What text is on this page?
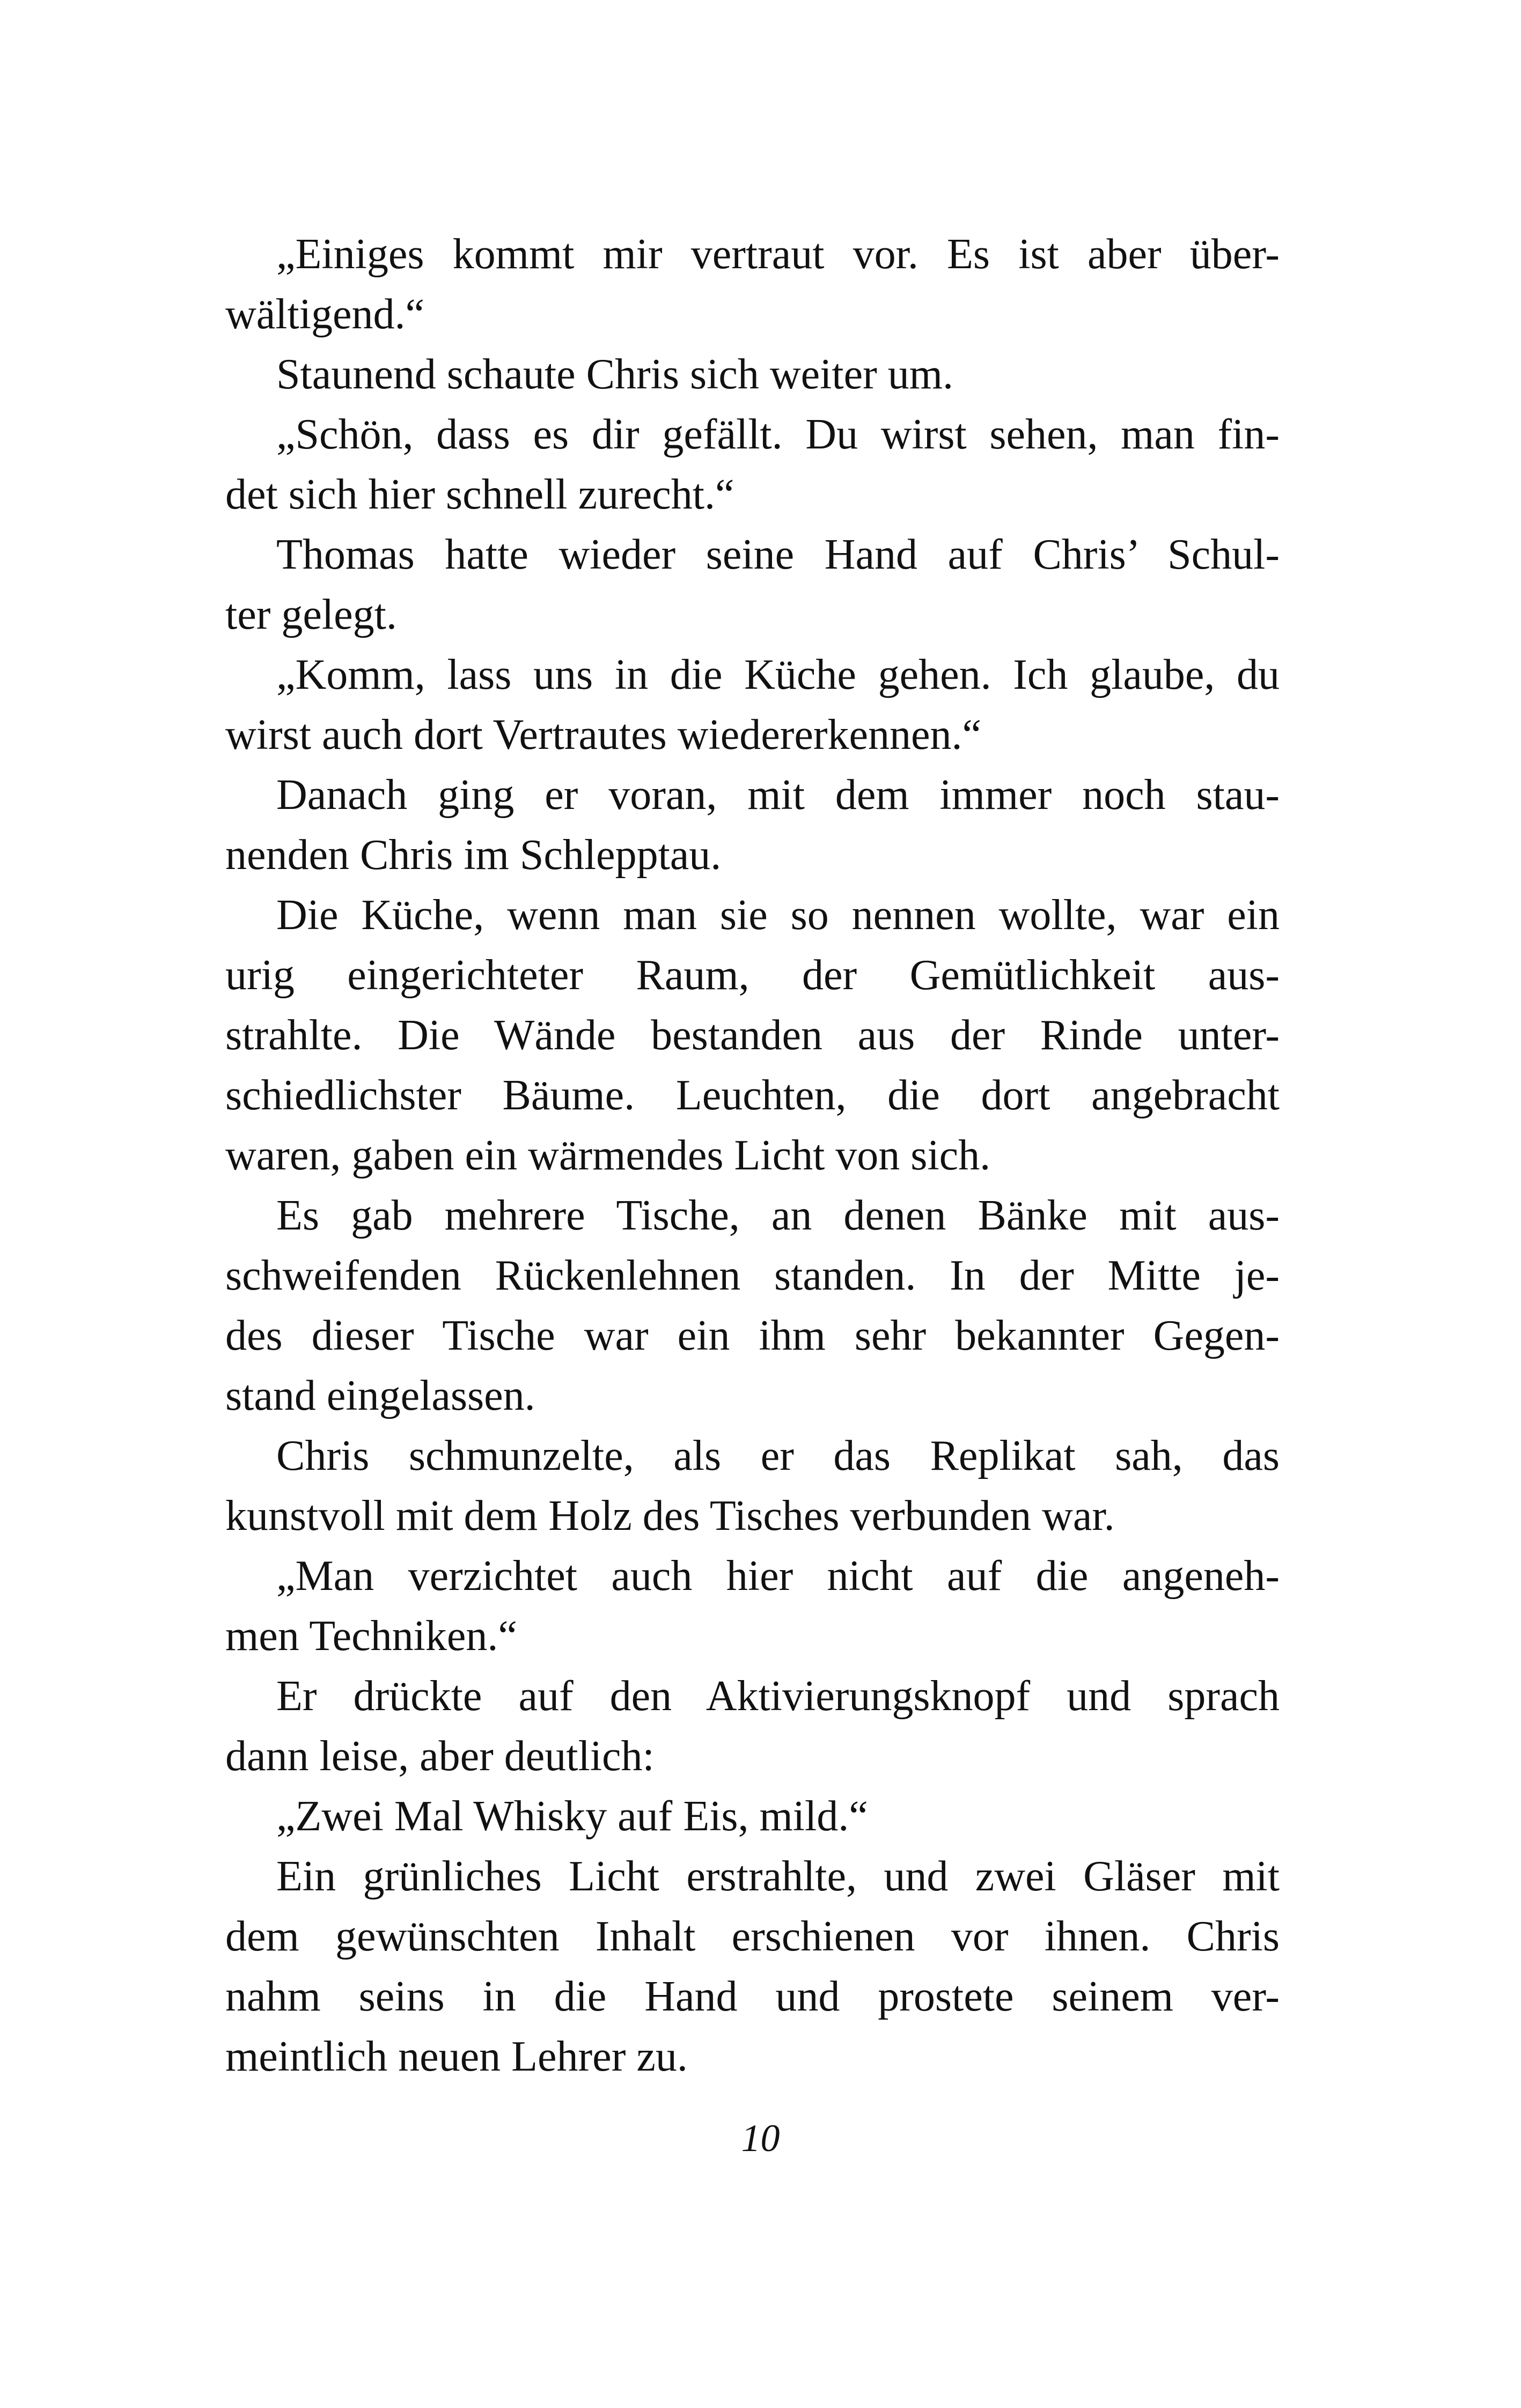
„Einiges kommt mir vertraut vor. Es ist aber über-
wältigend.“
Staunend schaute Chris sich weiter um.
„Schön, dass es dir gefällt. Du wirst sehen, man fin-
det sich hier schnell zurecht.“
Thomas hatte wieder seine Hand auf Chris’ Schul-
ter gelegt.
„Komm, lass uns in die Küche gehen. Ich glaube, du
wirst auch dort Vertrautes wiedererkennen.“
Danach ging er voran, mit dem immer noch stau-
nenden Chris im Schlepptau.
Die Küche, wenn man sie so nennen wollte, war ein
urig eingerichteter Raum, der Gemütlichkeit aus-
strahlte. Die Wände bestanden aus der Rinde unter-
schiedlichster Bäume. Leuchten, die dort angebracht
waren, gaben ein wärmendes Licht von sich.
Es gab mehrere Tische, an denen Bänke mit aus-
schweifenden Rückenlehnen standen. In der Mitte je-
des dieser Tische war ein ihm sehr bekannter Gegen-
stand eingelassen.
Chris schmunzelte, als er das Replikat sah, das
kunstvoll mit dem Holz des Tisches verbunden war.
„Man verzichtet auch hier nicht auf die angeneh-
men Techniken.“
Er drückte auf den Aktivierungsknopf und sprach
dann leise, aber deutlich:
„Zwei Mal Whisky auf Eis, mild.“
Ein grünliches Licht erstrahlte, und zwei Gläser mit
dem gewünschten Inhalt erschienen vor ihnen. Chris
nahm seins in die Hand und prostete seinem ver-
meintlich neuen Lehrer zu.
10
